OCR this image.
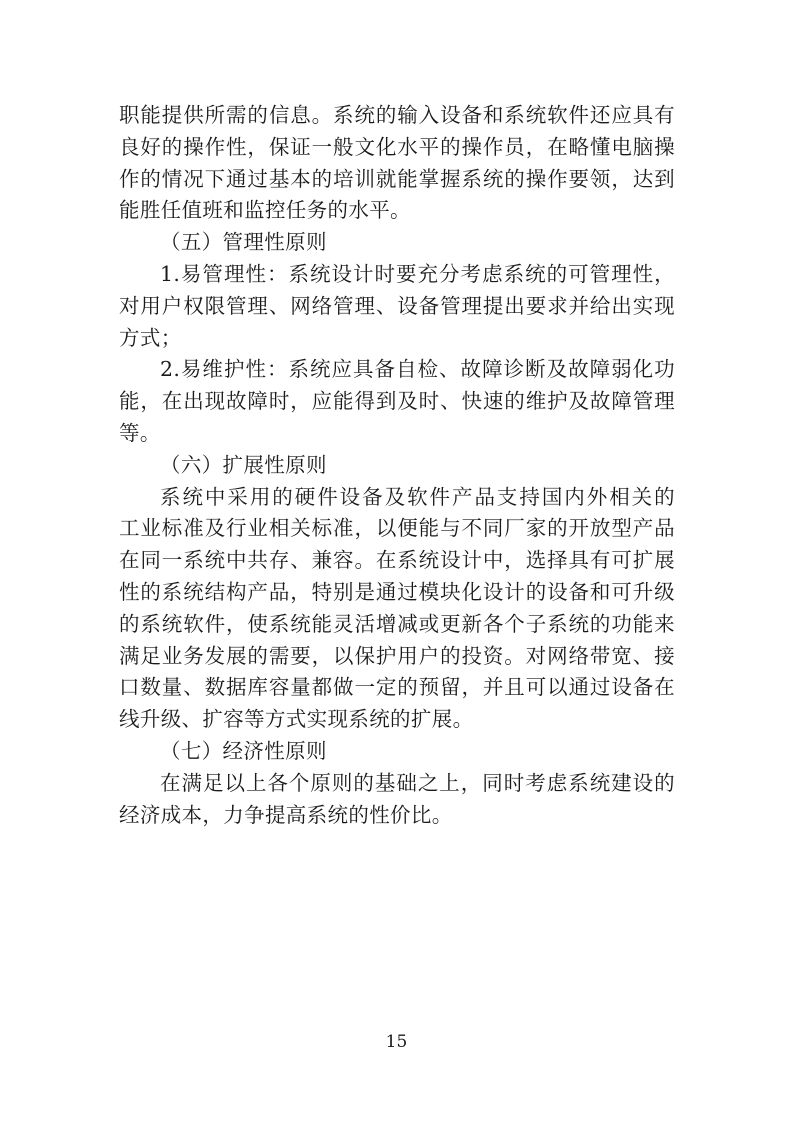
职能提供所需的信息。系统的输入设备和系统软件还应具有
良好的操作性，保证一般文化水平的操作员，在略懂电脑操
作的情况下通过基本的培训就能掌握系统的操作要领，达到
能胜任值班和监控任务的水平。

（五）管理性原则

1.易管理性：系统设计时要充分考虑系统的可管理性，
对用户权限管理、网络管理、设备管理提出要求并给出实现
方式；

2.易维护性：系统应具备自检、故障诊断及故障弱化功
能，在出现故障时，应能得到及时、快速的维护及故障管理
等。

（六）扩展性原则

系统中采用的硬件设备及软件产品支持国内外相关的
工业标准及行业相关标准，以便能与不同厂家的开放型产品
在同一系统中共存、兼容。在系统设计中，选择具有可扩展
性的系统结构产品，特别是通过模块化设计的设备和可升级
的系统软件，使系统能灵活增减或更新各个子系统的功能来
满足业务发展的需要，以保护用户的投资。对网络带宽、接
口数量、数据库容量都做一定的预留，并且可以通过设备在
线升级、扩容等方式实现系统的扩展。

（七）经济性原则

在满足以上各个原则的基础之上，同时考虑系统建设的
经济成本，力争提高系统的性价比。

15
